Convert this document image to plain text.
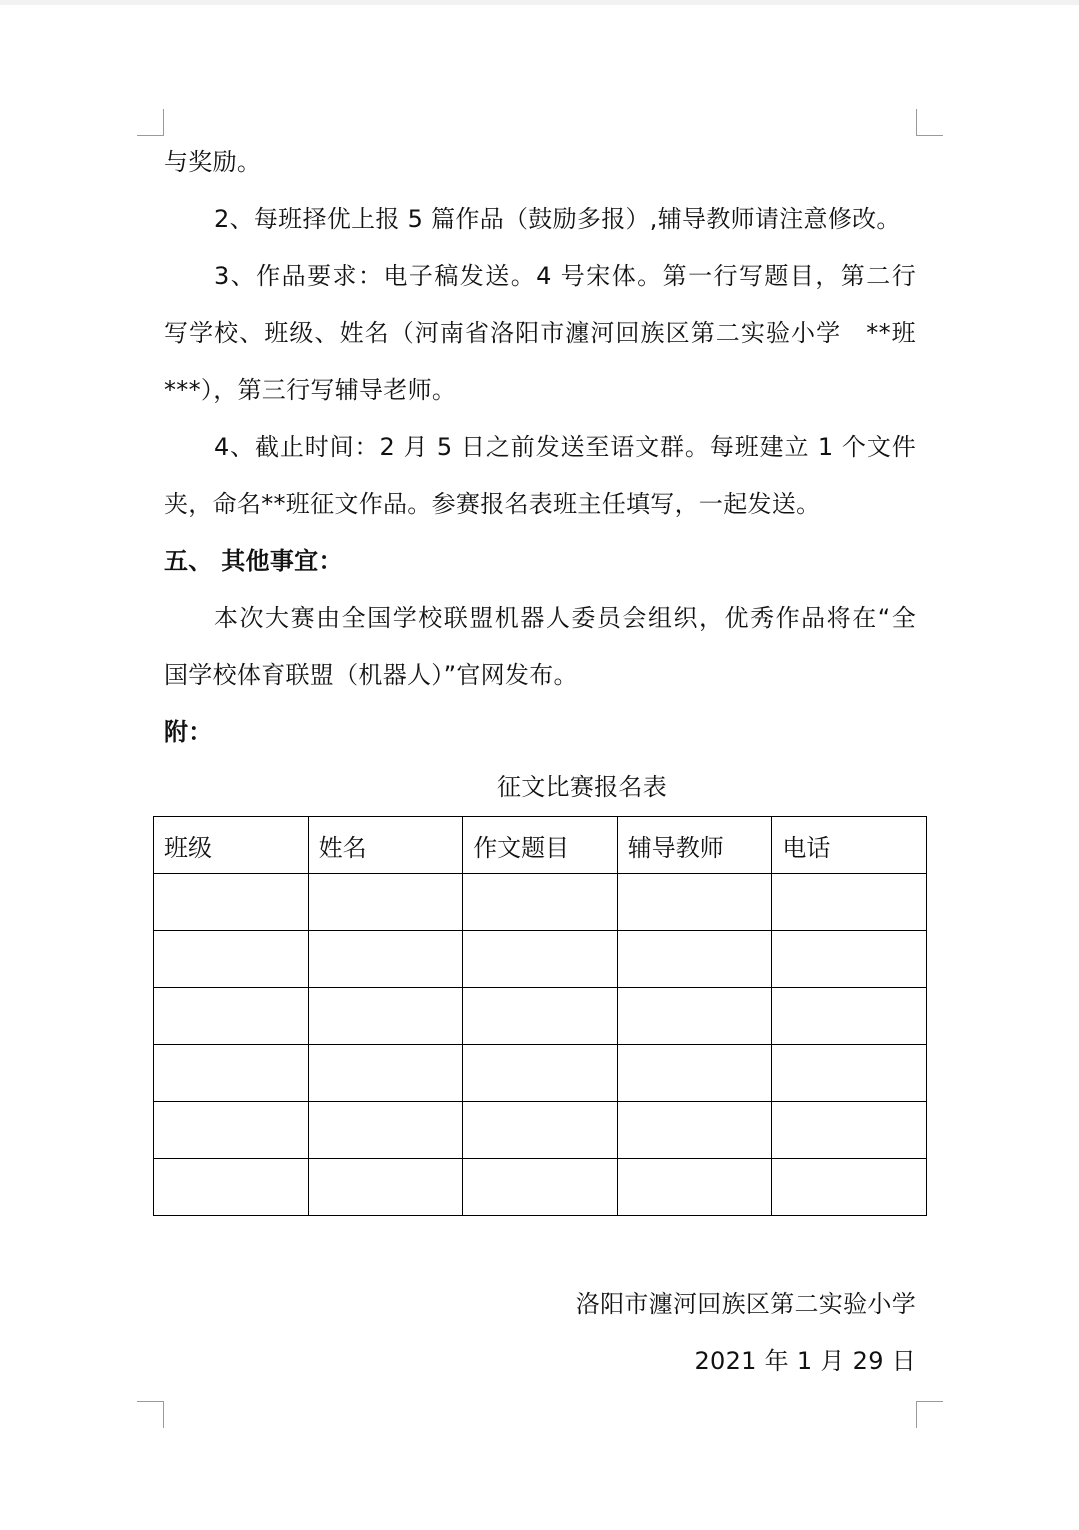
与奖励。
2、每班择优上报 5 篇作品（鼓励多报）,辅导教师请注意修改。
3、作品要求：电子稿发送。4 号宋体。第一行写题目，第二行
写学校、班级、姓名（河南省洛阳市瀍河回族区第二实验小学　**班
***），第三行写辅导老师。
4、截止时间：2 月 5 日之前发送至语文群。每班建立 1 个文件
夹，命名**班征文作品。参赛报名表班主任填写，一起发送。
五、 其他事宜：
本次大赛由全国学校联盟机器人委员会组织，优秀作品将在“全
国学校体育联盟（机器人）”官网发布。
附：
征文比赛报名表
班级	姓名	作文题目	辅导教师	电话

洛阳市瀍河回族区第二实验小学
2021 年 1 月 29 日
